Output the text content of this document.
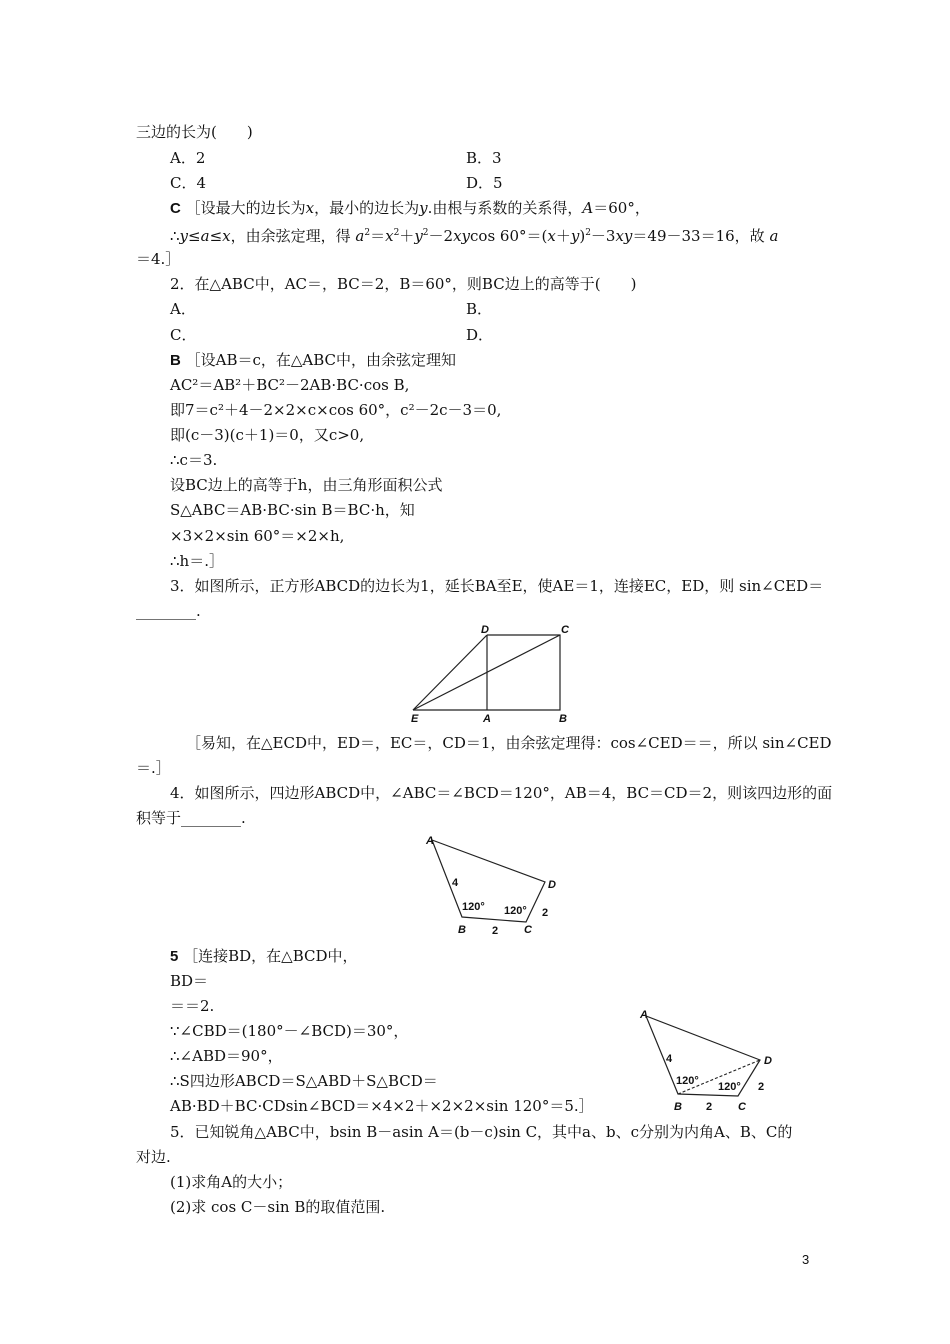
三边的长为(　　)
A．2	B．3
C．4	D．5
C ［设最大的边长为x，最小的边长为y.由根与系数的关系得，A＝60°，
∴y≤a≤x，由余弦定理，得 $a^2=x^2+y^2-2xycos$ $60^\circ=(x+y)^2-3xy=49-33=16$，故 a
＝4.］
2．在△ABC中，AC＝，BC＝2，B＝60°，则BC边上的高等于(　　)
A．	B．
C．	D．
B ［设AB＝c，在△ABC中，由余弦定理知
AC²＝AB²＋BC²－2AB·BC·cos B,
即7＝c²＋4－2×2×c×cos 60°，c²－2c－3＝0,
即(c－3)(c＋1)＝0，又c>0,
∴c＝3.
设BC边上的高等于h，由三角形面积公式
S△ABC＝AB·BC·sin B＝BC·h，知
×3×2×sin 60°＝×2×h,
∴h＝.］
3．如图所示，正方形ABCD的边长为1，延长BA至E，使AE＝1，连接EC，ED，则 sin∠CED＝
________.
D	C
E	A	B
［易知，在△ECD中，ED＝，EC＝，CD＝1，由余弦定理得：cos∠CED＝＝，所以 sin∠CED
＝.］
4．如图所示，四边形ABCD中，∠ABC＝∠BCD＝120°，AB＝4，BC＝CD＝2，则该四边形的面
积等于________.
A
D
B	C
4
2
2
120° 120°
5 ［连接BD，在△BCD中，
BD＝
＝＝2.
∵∠CBD＝(180°－∠BCD)＝30°，
∴∠ABD＝90°，
∴S四边形ABCD＝S△ABD＋S△BCD＝
AB·BD＋BC·CDsin∠BCD＝×4×2＋×2×2×sin 120°＝5.］
A
D
B	C
4
2
2
120° 120°
5．已知锐角△ABC中，bsin B－asin A＝(b－c)sin C，其中a、b、c分别为内角A、B、C的
对边.
(1)求角A的大小；
(2)求 cos C－sin B的取值范围.
3
